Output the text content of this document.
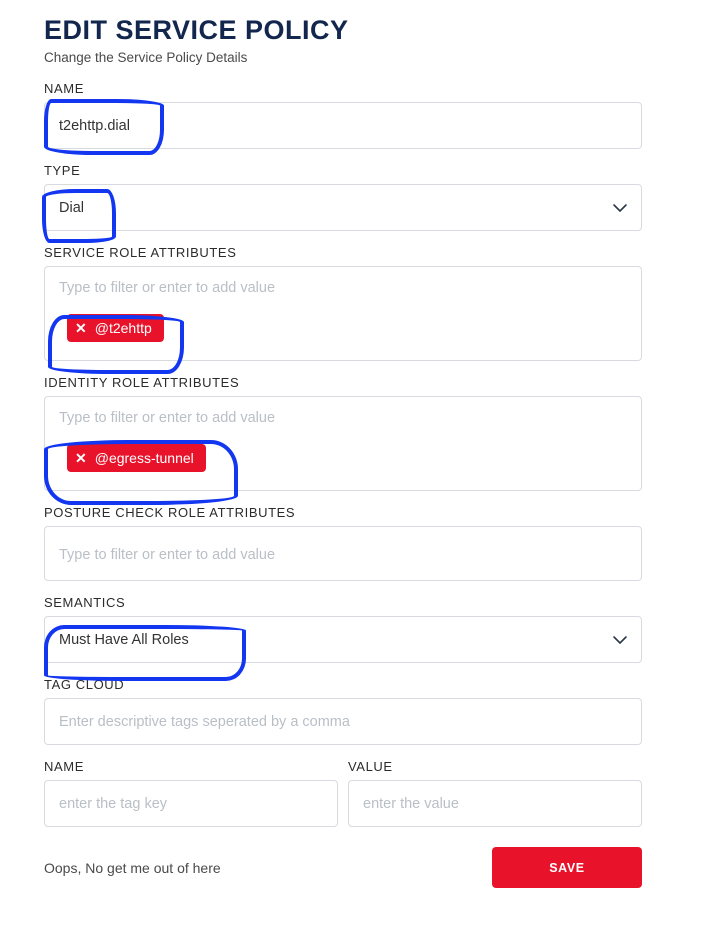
EDIT SERVICE POLICY
Change the Service Policy Details
NAME
t2ehttp.dial
TYPE
Dial
SERVICE ROLE ATTRIBUTES
Type to filter or enter to add value
✕ @t2ehttp
IDENTITY ROLE ATTRIBUTES
Type to filter or enter to add value
✕ @egress-tunnel
POSTURE CHECK ROLE ATTRIBUTES
Type to filter or enter to add value
SEMANTICS
Must Have All Roles
TAG CLOUD
Enter descriptive tags seperated by a comma
NAME
enter the tag key	VALUE
enter the value
Oops, No get me out of here	SAVE
